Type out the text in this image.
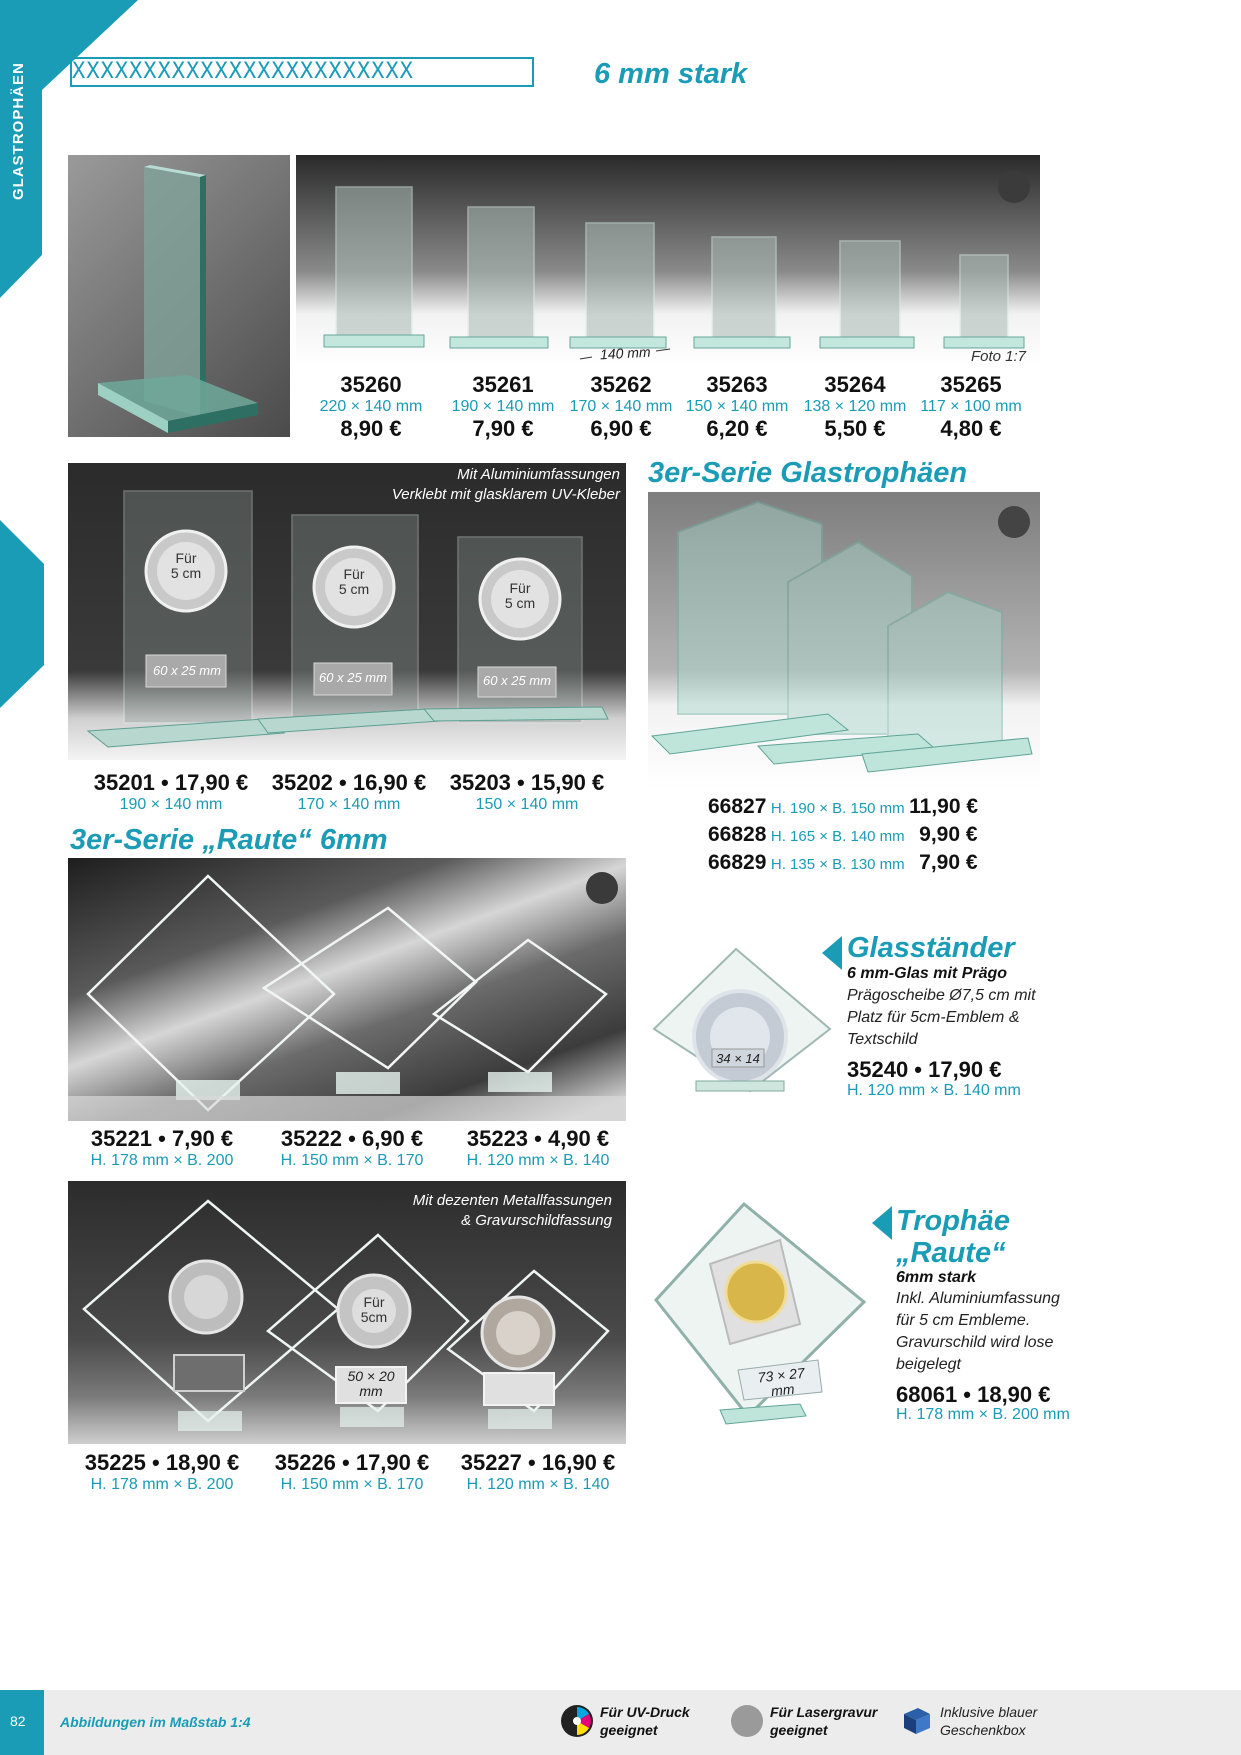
GLASTROPHÄEN XXXXXXXXXXXXXXXXXXXXXXXX	6 mm stark
140 mm	Foto 1:7
35260
220 × 140 mm
8,90 €
35261
190 × 140 mm
7,90 €
35262
170 × 140 mm
6,90 €
35263
150 × 140 mm
6,20 €
35264
138 × 120 mm
5,50 €
35265
117 × 100 mm
4,80 €
Mit Aluminiumfassungen
Verklebt mit glasklarem UV-Kleber
Für
5 cm	Für
5 cm	Für
5 cm
60 x 25 mm	60 x 25 mm	60 x 25 mm
35201 • 17,90 €
190 × 140 mm
35202 • 16,90 €
170 × 140 mm
35203 • 15,90 €
150 × 140 mm
3er-Serie Glastrophäen
66827 H. 190 × B. 150 mm 11,90 €
66828 H. 165 × B. 140 mm 9,90 €
66829 H. 135 × B. 130 mm 7,90 €
3er-Serie „Raute“ 6mm
35221 • 7,90 €
H. 178 mm × B. 200
35222 • 6,90 €
H. 150 mm × B. 170
35223 • 4,90 €
H. 120 mm × B. 140
Mit dezenten Metallfassungen
& Gravurschildfassung
Für
5cm
50 × 20
mm
35225 • 18,90 €
H. 178 mm × B. 200
35226 • 17,90 €
H. 150 mm × B. 170
35227 • 16,90 €
H. 120 mm × B. 140
34 × 14
Glasständer
6 mm-Glas mit Prägo
Prägoscheibe Ø7,5 cm mit
Platz für 5cm-Emblem &
Textschild
35240 • 17,90 €
H. 120 mm × B. 140 mm
73 × 27
mm
Trophäe
„Raute“
6mm stark
Inkl. Aluminiumfassung
für 5 cm Embleme.
Gravurschild wird lose
beigelegt
68061 • 18,90 €
H. 178 mm × B. 200 mm
82 Abbildungen im Maßstab 1:4
Für UV-Druck
geeignet
Für Lasergravur
geeignet
Inklusive blauer
Geschenkbox
